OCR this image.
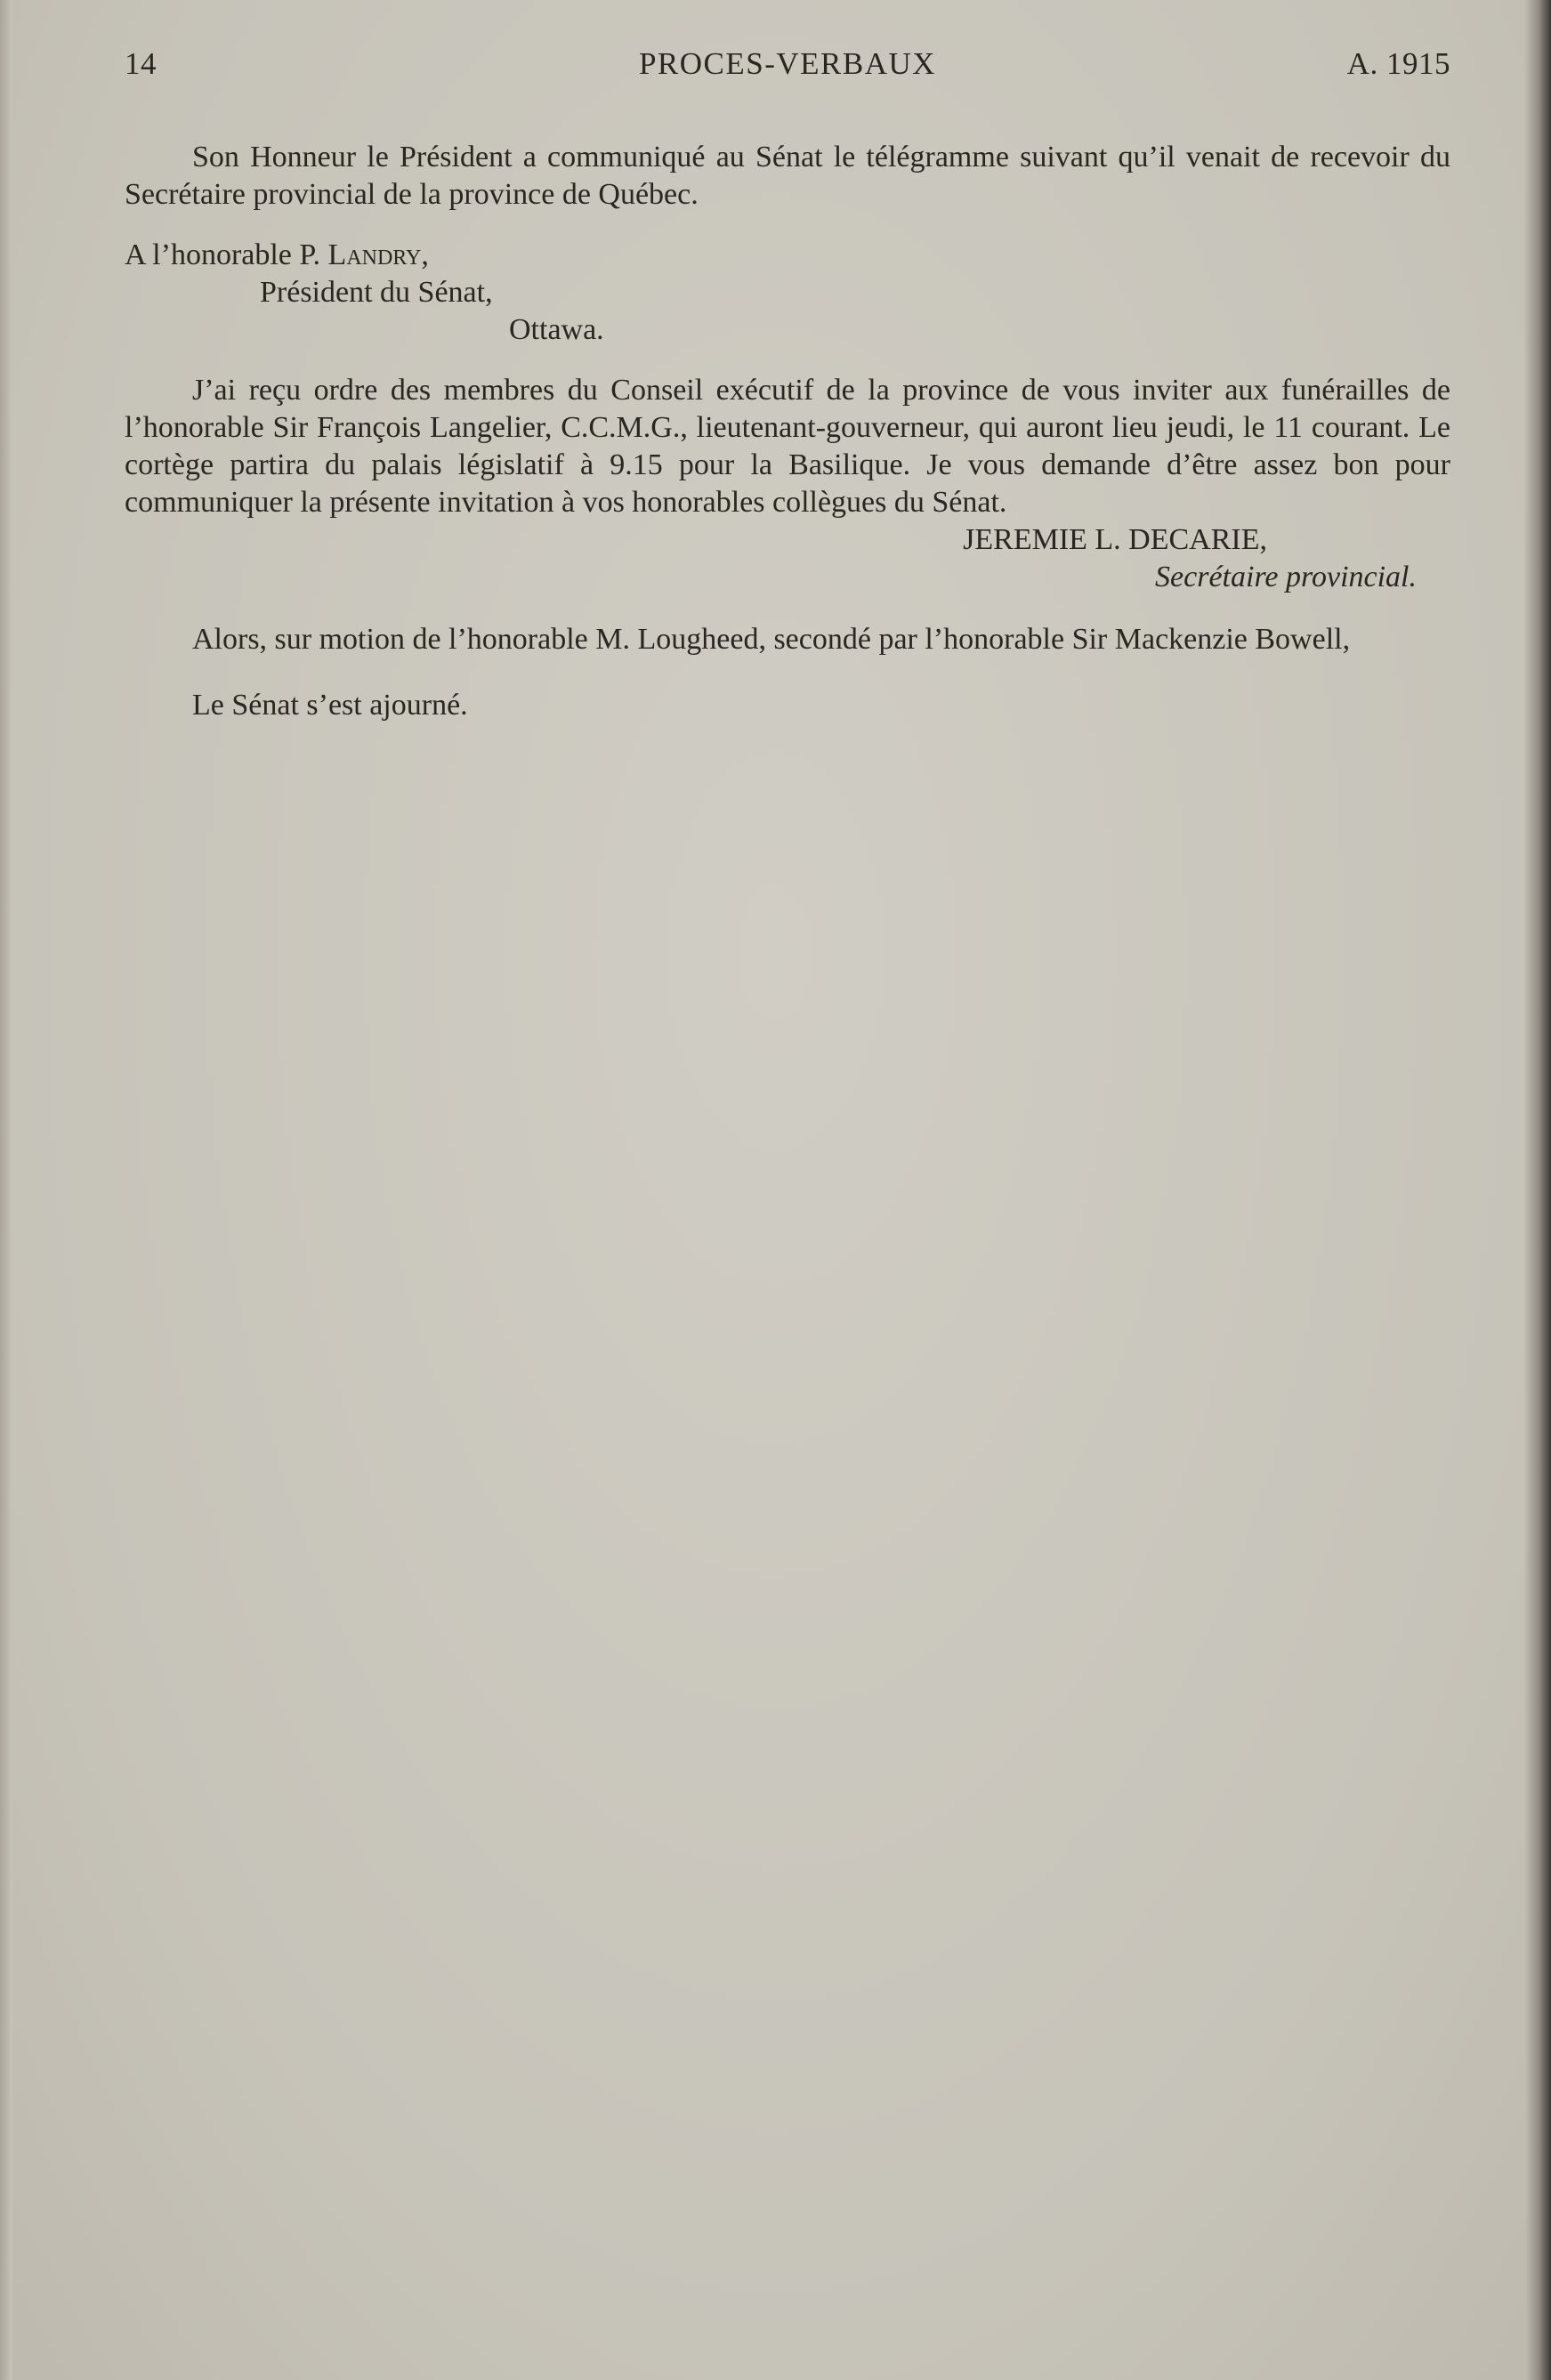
14	PROCES-VERBAUX	A. 1915

Son Honneur le Président a communiqué au Sénat le télégramme suivant qu’il venait de recevoir du Secrétaire provincial de la province de Québec.

A l’honorable P. Landry,

Président du Sénat,

Ottawa.

J’ai reçu ordre des membres du Conseil exécutif de la province de vous inviter aux funérailles de l’honorable Sir François Langelier, C.C.M.G., lieutenant-gouverneur, qui auront lieu jeudi, le 11 courant. Le cortège partira du palais législatif à 9.15 pour la Basilique. Je vous demande d’être assez bon pour communiquer la présente invitation à vos honorables collègues du Sénat.

JEREMIE L. DECARIE,

Secrétaire provincial.

Alors, sur motion de l’honorable M. Lougheed, secondé par l’honorable Sir Mackenzie Bowell,

Le Sénat s’est ajourné.
